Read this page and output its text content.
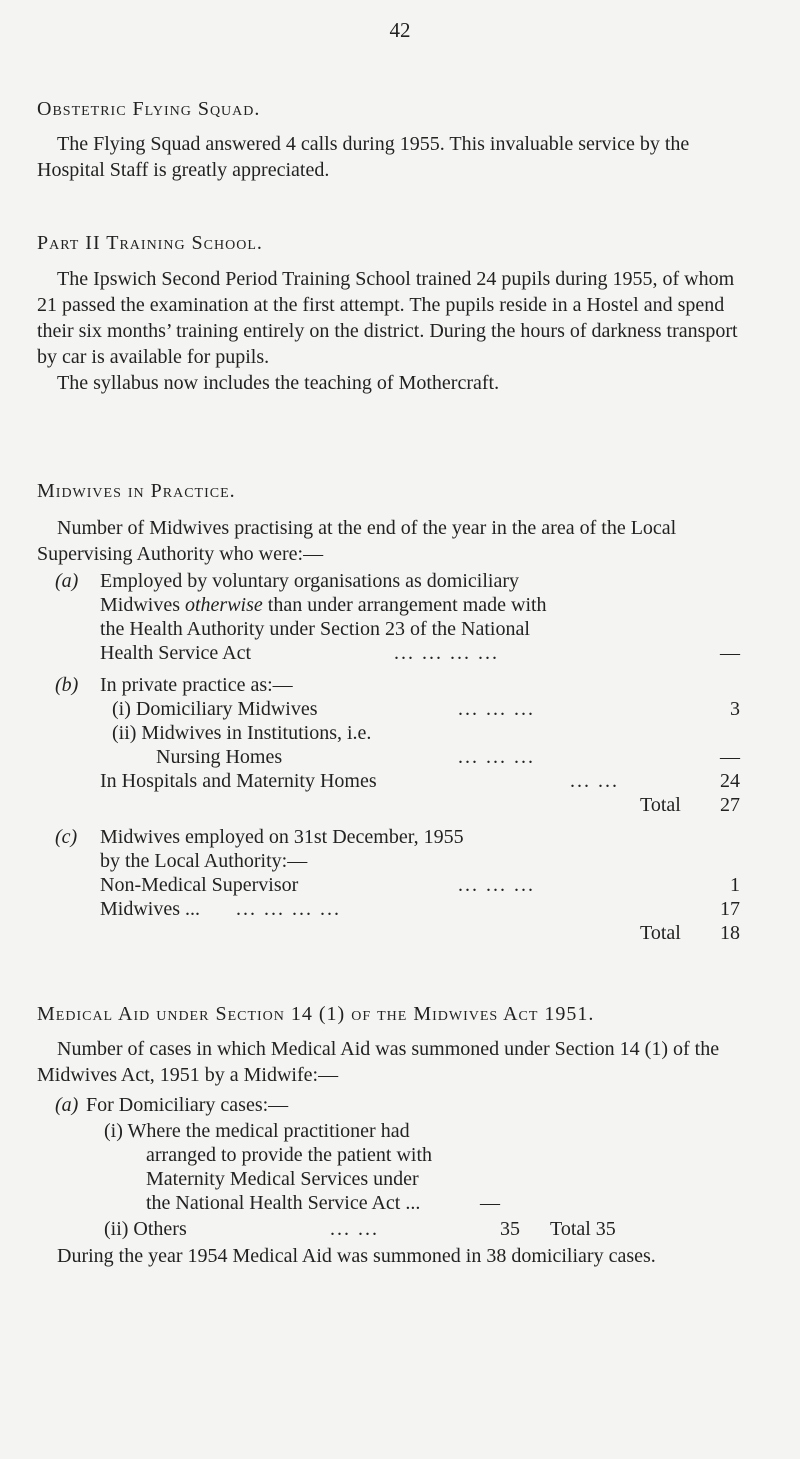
42
Obstetric Flying Squad.

The Flying Squad answered 4 calls during 1955. This invaluable service by the Hospital Staff is greatly appreciated.

Part II Training School.

The Ipswich Second Period Training School trained 24 pupils during 1955, of whom 21 passed the examination at the first attempt. The pupils reside in a Hostel and spend their six months’ training entirely on the district. During the hours of darkness transport by car is available for pupils.

The syllabus now includes the teaching of Mothercraft.

Midwives in Practice.

Number of Midwives practising at the end of the year in the area of the Local Supervising Authority who were:—

(a) Employed by voluntary organisations as domiciliary
Midwives otherwise than under arrangement made with
the Health Authority under Section 23 of the National
Health Service Act	... ... ... ...	—
(b) In private practice as:—
(i) Domiciliary Midwives	... ... ...	3
(ii) Midwives in Institutions, i.e.
Nursing Homes	... ... ...	—
In Hospitals and Maternity Homes	... ...	24
Total	27
(c) Midwives employed on 31st December, 1955
by the Local Authority:—
Non-Medical Supervisor	... ... ...	1
Midwives ... ... ... ... ...	17
Total	18
Medical Aid under Section 14 (1) of the Midwives Act 1951.

Number of cases in which Medical Aid was summoned under Section 14 (1) of the Midwives Act, 1951 by a Midwife:—

(a) For Domiciliary cases:—
(i) Where the medical practitioner had
arranged to provide the patient with
Maternity Medical Services under
the National Health Service Act ...	—
(ii) Others	... ...	35 Total 35

During the year 1954 Medical Aid was summoned in 38 domiciliary cases.
